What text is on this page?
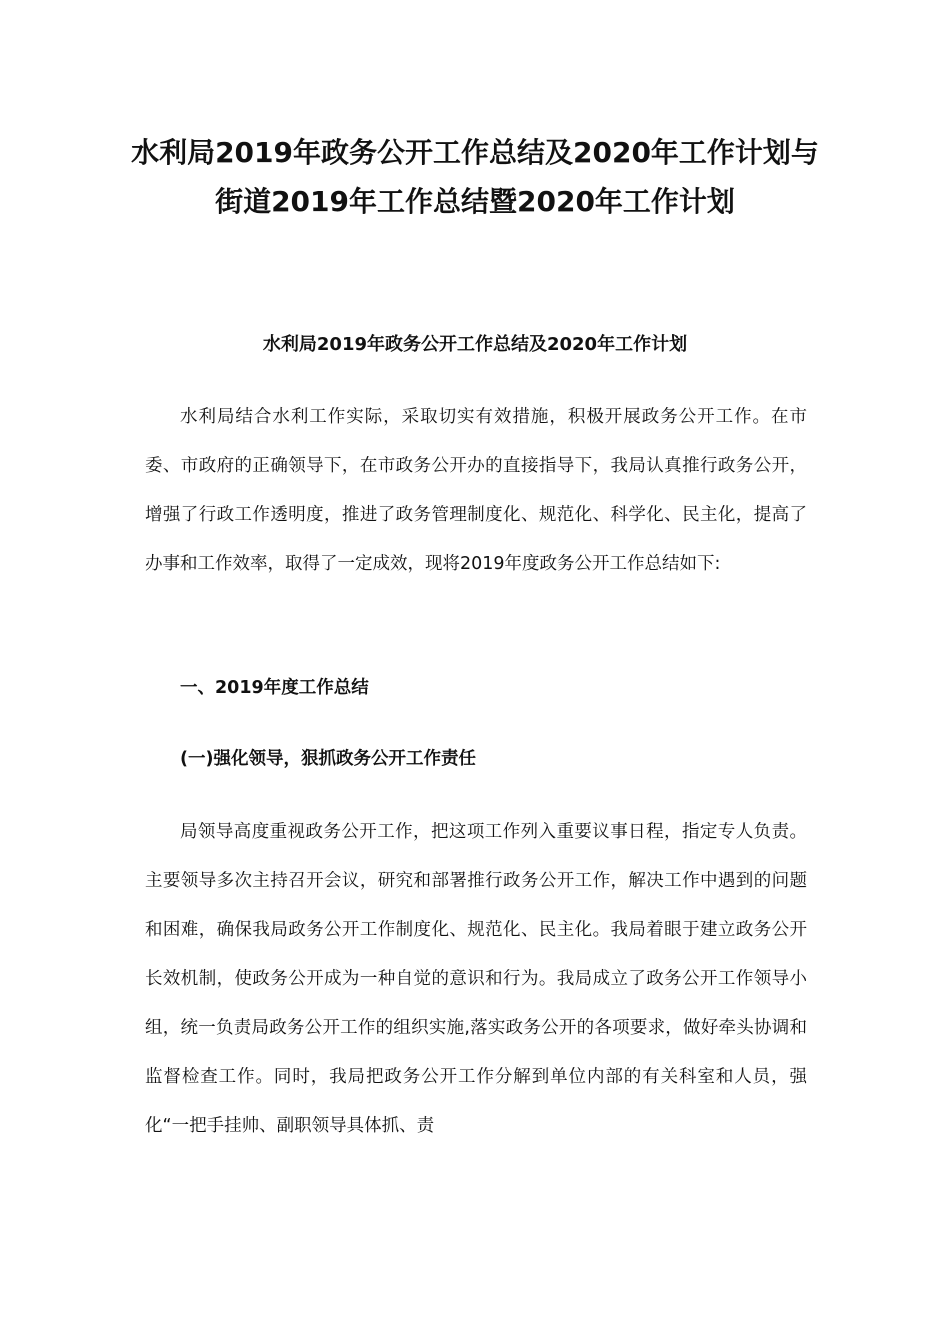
水利局2019年政务公开工作总结及2020年工作计划与街道2019年工作总结暨2020年工作计划
水利局2019年政务公开工作总结及2020年工作计划

水利局结合水利工作实际，采取切实有效措施，积极开展政务公开工作。在市委、市政府的正确领导下，在市政务公开办的直接指导下，我局认真推行政务公开，增强了行政工作透明度，推进了政务管理制度化、规范化、科学化、民主化，提高了办事和工作效率，取得了一定成效，现将2019年度政务公开工作总结如下:

一、2019年度工作总结
(一)强化领导，狠抓政务公开工作责任

局领导高度重视政务公开工作，把这项工作列入重要议事日程，指定专人负责。主要领导多次主持召开会议，研究和部署推行政务公开工作，解决工作中遇到的问题和困难，确保我局政务公开工作制度化、规范化、民主化。我局着眼于建立政务公开长效机制，使政务公开成为一种自觉的意识和行为。我局成立了政务公开工作领导小组，统一负责局政务公开工作的组织实施,落实政务公开的各项要求，做好牵头协调和监督检查工作。同时，我局把政务公开工作分解到单位内部的有关科室和人员，强化“一把手挂帅、副职领导具体抓、责
